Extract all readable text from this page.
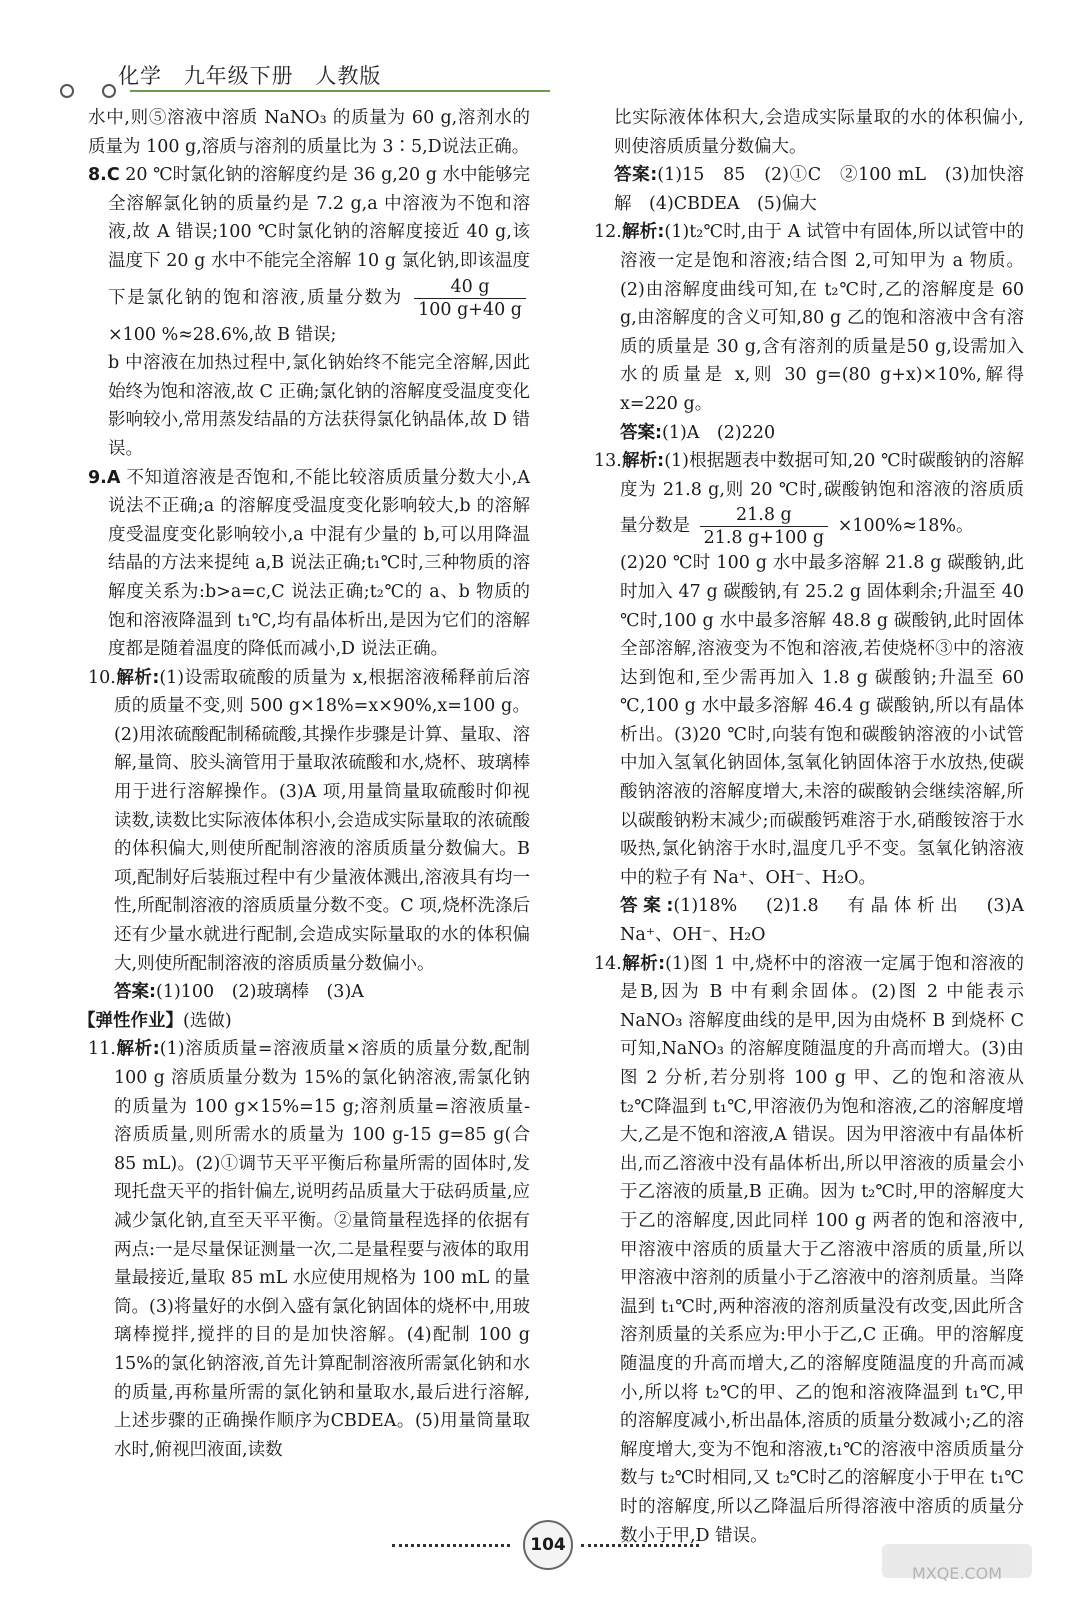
化学 九年级下册 人教版

水中,则⑤溶液中溶质 NaNO₃ 的质量为 60 g,溶剂水的质量为 100 g,溶质与溶剂的质量比为 3∶5,D说法正确。

8.C 20 ℃时氯化钠的溶解度约是 36 g,20 g 水中能够完全溶解氯化钠的质量约是 7.2 g,a 中溶液为不饱和溶液,故 A 错误;100 ℃时氯化钠的溶解度接近 40 g,该温度下 20 g 水中不能完全溶解 10 g 氯化钠,即该温度下是氯化钠的饱和溶液,质量分数为 $\frac{40 g}{100 g+40 g}$
×100 %≈28.6%,故 B 错误;

b 中溶液在加热过程中,氯化钠始终不能完全溶解,因此始终为饱和溶液,故 C 正确;氯化钠的溶解度受温度变化影响较小,常用蒸发结晶的方法获得氯化钠晶体,故 D 错误。

9.A 不知道溶液是否饱和,不能比较溶质质量分数大小,A 说法不正确;a 的溶解度受温度变化影响较大,b 的溶解度受温度变化影响较小,a 中混有少量的 b,可以用降温结晶的方法来提纯 a,B 说法正确;t₁℃时,三种物质的溶解度关系为:b>a=c,C 说法正确;t₂℃的 a、b 物质的饱和溶液降温到 t₁℃,均有晶体析出,是因为它们的溶解度都是随着温度的降低而减小,D 说法正确。

10.解析:(1)设需取硫酸的质量为 x,根据溶液稀释前后溶质的质量不变,则 500 g×18%=x×90%,x=100 g。(2)用浓硫酸配制稀硫酸,其操作步骤是计算、量取、溶解,量筒、胶头滴管用于量取浓硫酸和水,烧杯、玻璃棒用于进行溶解操作。(3)A 项,用量筒量取硫酸时仰视读数,读数比实际液体体积小,会造成实际量取的浓硫酸的体积偏大,则使所配制溶液的溶质质量分数偏大。B 项,配制好后装瓶过程中有少量液体溅出,溶液具有均一性,所配制溶液的溶质质量分数不变。C 项,烧杯洗涤后还有少量水就进行配制,会造成实际量取的水的体积偏大,则使所配制溶液的溶质质量分数偏小。

答案:(1)100　(2)玻璃棒　(3)A

【弹性作业】(选做)

11.解析:(1)溶质质量=溶液质量×溶质的质量分数,配制 100 g 溶质质量分数为 15%的氯化钠溶液,需氯化钠的质量为 100 g×15%=15 g;溶剂质量=溶液质量-溶质质量,则所需水的质量为 100 g-15 g=85 g(合 85 mL)。(2)①调节天平平衡后称量所需的固体时,发现托盘天平的指针偏左,说明药品质量大于砝码质量,应减少氯化钠,直至天平平衡。②量筒量程选择的依据有两点:一是尽量保证测量一次,二是量程要与液体的取用量最接近,量取 85 mL 水应使用规格为 100 mL 的量筒。(3)将量好的水倒入盛有氯化钠固体的烧杯中,用玻璃棒搅拌,搅拌的目的是加快溶解。(4)配制 100 g 15%的氯化钠溶液,首先计算配制溶液所需氯化钠和水的质量,再称量所需的氯化钠和量取水,最后进行溶解,上述步骤的正确操作顺序为CBDEA。(5)用量筒量取水时,俯视凹液面,读数

比实际液体体积大,会造成实际量取的水的体积偏小,则使溶质质量分数偏大。

答案:(1)15　85　(2)①C　②100 mL　(3)加快溶解　(4)CBDEA　(5)偏大

12.解析:(1)t₂℃时,由于 A 试管中有固体,所以试管中的溶液一定是饱和溶液;结合图 2,可知甲为 a 物质。(2)由溶解度曲线可知,在 t₂℃时,乙的溶解度是 60 g,由溶解度的含义可知,80 g 乙的饱和溶液中含有溶质的质量是 30 g,含有溶剂的质量是50 g,设需加入水的质量是 x,则 30 g=(80 g+x)×10%,解得 x=220 g。

答案:(1)A　(2)220

13.解析:(1)根据题表中数据可知,20 ℃时碳酸钠的溶解度为 21.8 g,则 20 ℃时,碳酸钠饱和溶液的溶质质量分数是 $\frac{21.8 g}{21.8 g+100 g} \times 100\%\approx 18\%$。

(2)20 ℃时 100 g 水中最多溶解 21.8 g 碳酸钠,此时加入 47 g 碳酸钠,有 25.2 g 固体剩余;升温至 40 ℃时,100 g 水中最多溶解 48.8 g 碳酸钠,此时固体全部溶解,溶液变为不饱和溶液,若使烧杯③中的溶液达到饱和,至少需再加入 1.8 g 碳酸钠;升温至 60 ℃,100 g 水中最多溶解 46.4 g 碳酸钠,所以有晶体析出。(3)20 ℃时,向装有饱和碳酸钠溶液的小试管中加入氢氧化钠固体,氢氧化钠固体溶于水放热,使碳酸钠溶液的溶解度增大,未溶的碳酸钠会继续溶解,所以碳酸钠粉末减少;而碳酸钙难溶于水,硝酸铵溶于水吸热,氯化钠溶于水时,温度几乎不变。氢氧化钠溶液中的粒子有 Na⁺、OH⁻、H₂O。

答案:(1)18%　(2)1.8　有晶体析出　(3)A　Na⁺、OH⁻、H₂O

14.解析:(1)图 1 中,烧杯中的溶液一定属于饱和溶液的是B,因为 B 中有剩余固体。(2)图 2 中能表示 NaNO₃ 溶解度曲线的是甲,因为由烧杯 B 到烧杯 C 可知,NaNO₃ 的溶解度随温度的升高而增大。(3)由图 2 分析,若分别将 100 g 甲、乙的饱和溶液从 t₂℃降温到 t₁℃,甲溶液仍为饱和溶液,乙的溶解度增大,乙是不饱和溶液,A 错误。因为甲溶液中有晶体析出,而乙溶液中没有晶体析出,所以甲溶液的质量会小于乙溶液的质量,B 正确。因为 t₂℃时,甲的溶解度大于乙的溶解度,因此同样 100 g 两者的饱和溶液中,甲溶液中溶质的质量大于乙溶液中溶质的质量,所以甲溶液中溶剂的质量小于乙溶液中的溶剂质量。当降温到 t₁℃时,两种溶液的溶剂质量没有改变,因此所含溶剂质量的关系应为:甲小于乙,C 正确。甲的溶解度随温度的升高而增大,乙的溶解度随温度的升高而减小,所以将 t₂℃的甲、乙的饱和溶液降温到 t₁℃,甲的溶解度减小,析出晶体,溶质的质量分数减小;乙的溶解度增大,变为不饱和溶液,t₁℃的溶液中溶质质量分数与 t₂℃时相同,又 t₂℃时乙的溶解度小于甲在 t₁℃时的溶解度,所以乙降温后所得溶液中溶质的质量分数小于甲,D 错误。

104
MXQE.COM
